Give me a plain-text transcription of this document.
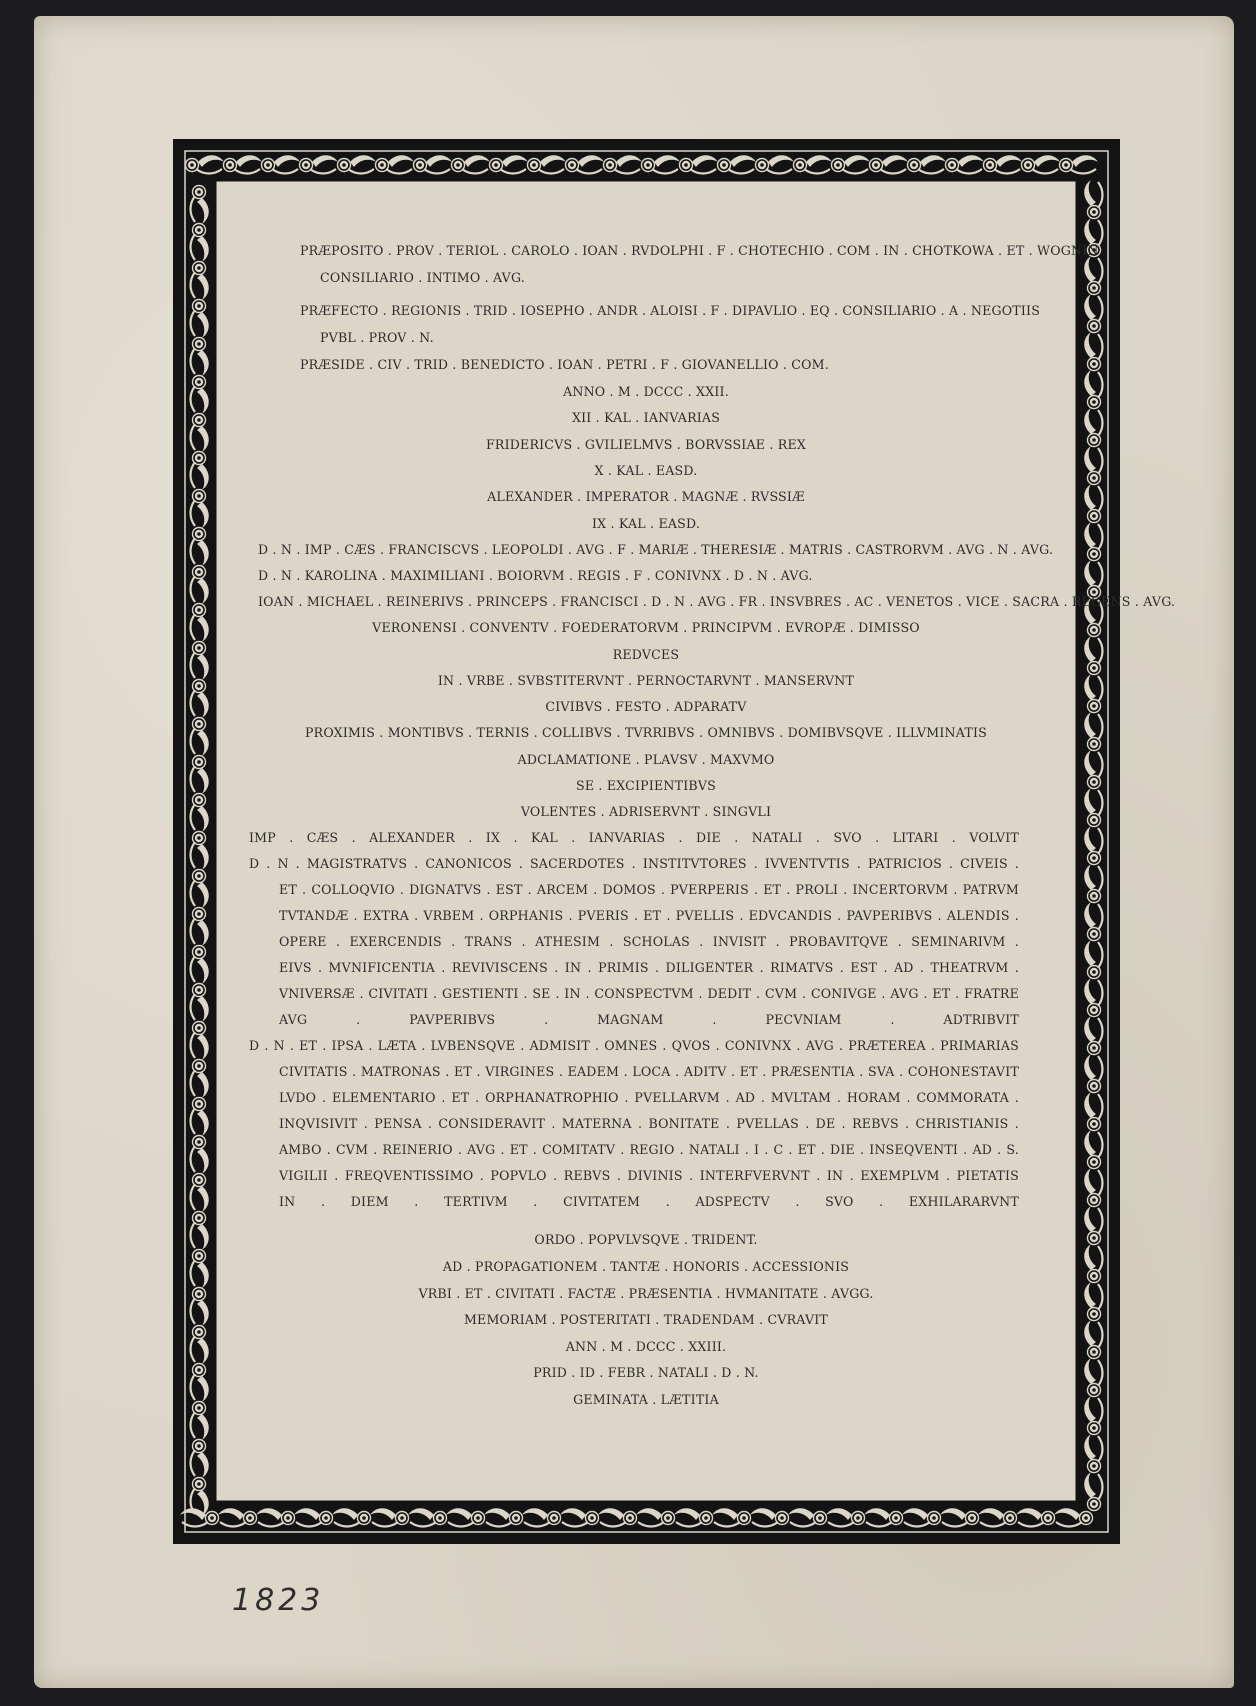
PRÆPOSITO . PROV . TERIOL . CAROLO . IOAN . RVDOLPHI . F . CHOTECHIO . COM . IN . CHOTKOWA . ET . WOGNIN
CONSILIARIO . INTIMO . AVG.
PRÆFECTO . REGIONIS . TRID . IOSEPHO . ANDR . ALOISI . F . DIPAVLIO . EQ . CONSILIARIO . A . NEGOTIIS
PVBL . PROV . N.
PRÆSIDE . CIV . TRID . BENEDICTO . IOAN . PETRI . F . GIOVANELLIO . COM.
ANNO . M . DCCC . XXII.
XII . KAL . IANVARIAS
FRIDERICVS . GVILIELMVS . BORVSSIAE . REX
X . KAL . EASD.
ALEXANDER . IMPERATOR . MAGNÆ . RVSSIÆ
IX . KAL . EASD.
D . N . IMP . CÆS . FRANCISCVS . LEOPOLDI . AVG . F . MARIÆ . THERESIÆ . MATRIS . CASTRORVM . AVG . N . AVG.
D . N . KAROLINA . MAXIMILIANI . BOIORVM . REGIS . F . CONIVNX . D . N . AVG.
IOAN . MICHAEL . REINERIVS . PRINCEPS . FRANCISCI . D . N . AVG . FR . INSVBRES . AC . VENETOS . VICE . SACRA . REGENS . AVG.
VERONENSI . CONVENTV . FOEDERATORVM . PRINCIPVM . EVROPÆ . DIMISSO
REDVCES
IN . VRBE . SVBSTITERVNT . PERNOCTARVNT . MANSERVNT
CIVIBVS . FESTO . ADPARATV
PROXIMIS . MONTIBVS . TERNIS . COLLIBVS . TVRRIBVS . OMNIBVS . DOMIBVSQVE . ILLVMINATIS
ADCLAMATIONE . PLAVSV . MAXVMO
SE . EXCIPIENTIBVS
VOLENTES . ADRISERVNT . SINGVLI
IMP . CÆS . ALEXANDER . IX . KAL . IANVARIAS . DIE . NATALI . SVO . LITARI . VOLVIT
D . N . MAGISTRATVS . CANONICOS . SACERDOTES . INSTITVTORES . IVVENTVTIS . PATRICIOS . CIVEIS .
ET . COLLOQVIO . DIGNATVS . EST . ARCEM . DOMOS . PVERPERIS . ET . PROLI . INCERTORVM . PATRVM
TVTANDÆ . EXTRA . VRBEM . ORPHANIS . PVERIS . ET . PVELLIS . EDVCANDIS . PAVPERIBVS . ALENDIS .
OPERE . EXERCENDIS . TRANS . ATHESIM . SCHOLAS . INVISIT . PROBAVITQVE . SEMINARIVM .
EIVS . MVNIFICENTIA . REVIVISCENS . IN . PRIMIS . DILIGENTER . RIMATVS . EST . AD . THEATRVM .
VNIVERSÆ . CIVITATI . GESTIENTI . SE . IN . CONSPECTVM . DEDIT . CVM . CONIVGE . AVG . ET . FRATRE
AVG . PAVPERIBVS . MAGNAM . PECVNIAM . ADTRIBVIT
D . N . ET . IPSA . LÆTA . LVBENSQVE . ADMISIT . OMNES . QVOS . CONIVNX . AVG . PRÆTEREA . PRIMARIAS
CIVITATIS . MATRONAS . ET . VIRGINES . EADEM . LOCA . ADITV . ET . PRÆSENTIA . SVA . COHONESTAVIT
LVDO . ELEMENTARIO . ET . ORPHANATROPHIO . PVELLARVM . AD . MVLTAM . HORAM . COMMORATA .
INQVISIVIT . PENSA . CONSIDERAVIT . MATERNA . BONITATE . PVELLAS . DE . REBVS . CHRISTIANIS .
AMBO . CVM . REINERIO . AVG . ET . COMITATV . REGIO . NATALI . I . C . ET . DIE . INSEQVENTI . AD . S.
VIGILII . FREQVENTISSIMO . POPVLO . REBVS . DIVINIS . INTERFVERVNT . IN . EXEMPLVM . PIETATIS
IN . DIEM . TERTIVM . CIVITATEM . ADSPECTV . SVO . EXHILARARVNT
ORDO . POPVLVSQVE . TRIDENT.
AD . PROPAGATIONEM . TANTÆ . HONORIS . ACCESSIONIS
VRBI . ET . CIVITATI . FACTÆ . PRÆSENTIA . HVMANITATE . AVGG.
MEMORIAM . POSTERITATI . TRADENDAM . CVRAVIT
ANN . M . DCCC . XXIII.
PRID . ID . FEBR . NATALI . D . N.
GEMINATA . LÆTITIA
1823
